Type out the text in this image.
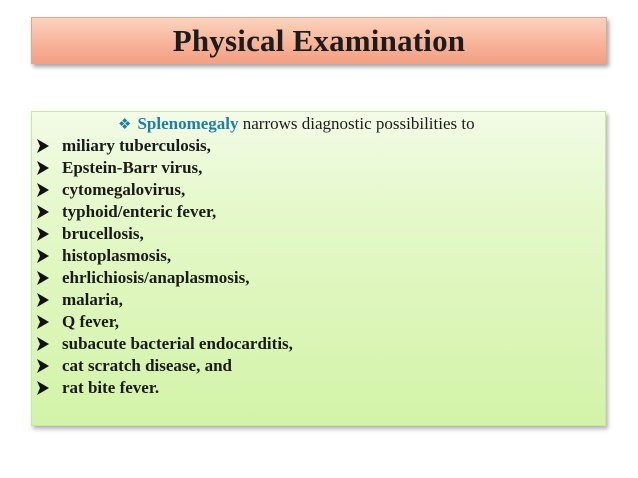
Physical Examination
❖ Splenomegaly narrows diagnostic possibilities to
miliary tuberculosis,
Epstein-Barr virus,
cytomegalovirus,
typhoid/enteric fever,
brucellosis,
histoplasmosis,
ehrlichiosis/anaplasmosis,
malaria,
Q fever,
subacute bacterial endocarditis,
cat scratch disease, and
rat bite fever.
